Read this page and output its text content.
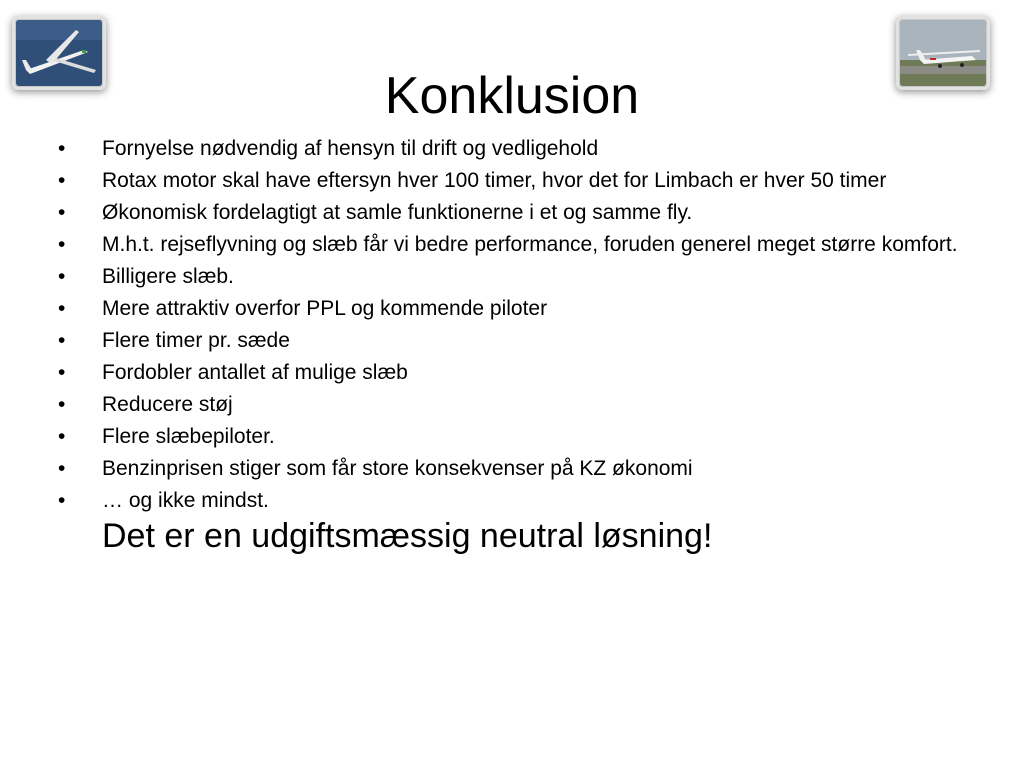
Konklusion
•	Fornyelse nødvendig af hensyn til drift og vedligehold
•	Rotax motor skal have eftersyn hver 100 timer, hvor det for Limbach er hver 50 timer
•	Økonomisk fordelagtigt at samle funktionerne i et og samme fly.
•	M.h.t. rejseflyvning og slæb får vi bedre performance, foruden generel meget større komfort.
•	Billigere slæb.
•	Mere attraktiv overfor PPL og kommende piloter
•	Flere timer pr. sæde
•	Fordobler antallet af mulige slæb
•	Reducere støj
•	Flere slæbepiloter.
•	Benzinprisen stiger som får store konsekvenser på KZ økonomi
•	… og ikke mindst.
Det er en udgiftsmæssig neutral løsning!
